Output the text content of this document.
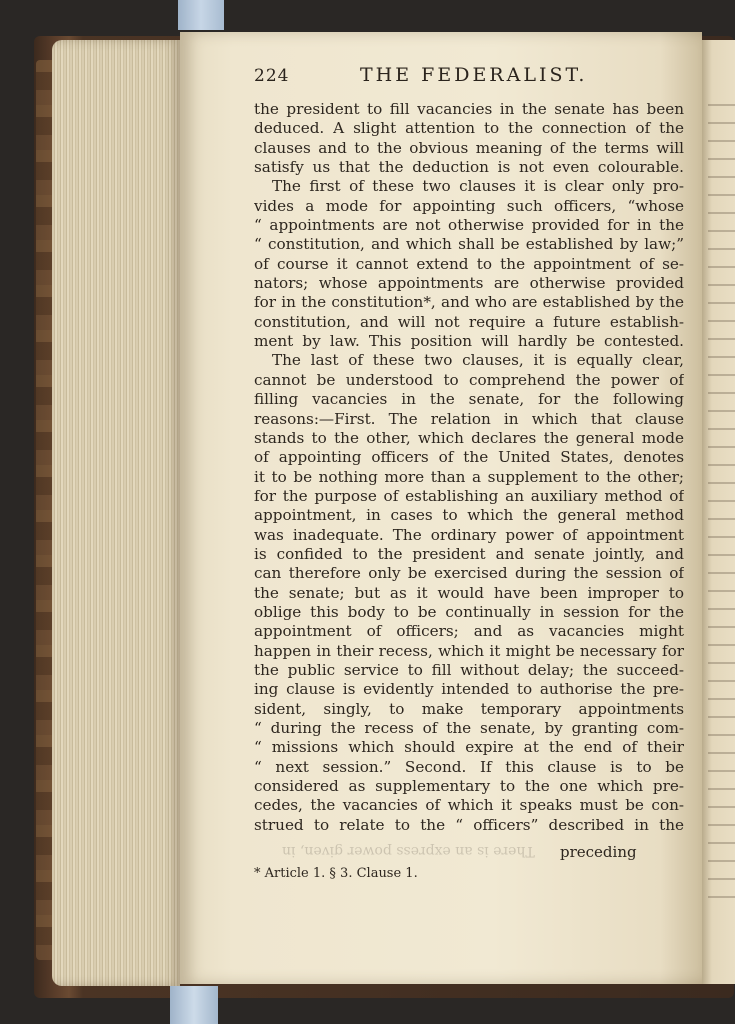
224	THE FEDERALIST.
the president to fill vacancies in the senate has been
deduced. A slight attention to the connection of the
clauses and to the obvious meaning of the terms will
satisfy us that the deduction is not even colourable.
The first of these two clauses it is clear only pro-
vides a mode for appointing such officers, “whose
“ appointments are not otherwise provided for in the
“ constitution, and which shall be established by law;”
of course it cannot extend to the appointment of se-
nators; whose appointments are otherwise provided
for in the constitution*, and who are established by the
constitution, and will not require a future establish-
ment by law. This position will hardly be contested.
The last of these two clauses, it is equally clear,
cannot be understood to comprehend the power of
filling vacancies in the senate, for the following
reasons:—First. The relation in which that clause
stands to the other, which declares the general mode
of appointing officers of the United States, denotes
it to be nothing more than a supplement to the other;
for the purpose of establishing an auxiliary method of
appointment, in cases to which the general method
was inadequate. The ordinary power of appointment
is confided to the president and senate jointly, and
can therefore only be exercised during the session of
the senate; but as it would have been improper to
oblige this body to be continually in session for the
appointment of officers; and as vacancies might
happen in their recess, which it might be necessary for
the public service to fill without delay; the succeed-
ing clause is evidently intended to authorise the pre-
sident, singly, to make temporary appointments
“ during the recess of the senate, by granting com-
“ missions which should expire at the end of their
“ next session.” Second. If this clause is to be
considered as supplementary to the one which pre-
cedes, the vacancies of which it speaks must be con-
strued to relate to the “ officers” described in the
There is an express power given, in preceding
* Article 1. § 3. Clause 1.
